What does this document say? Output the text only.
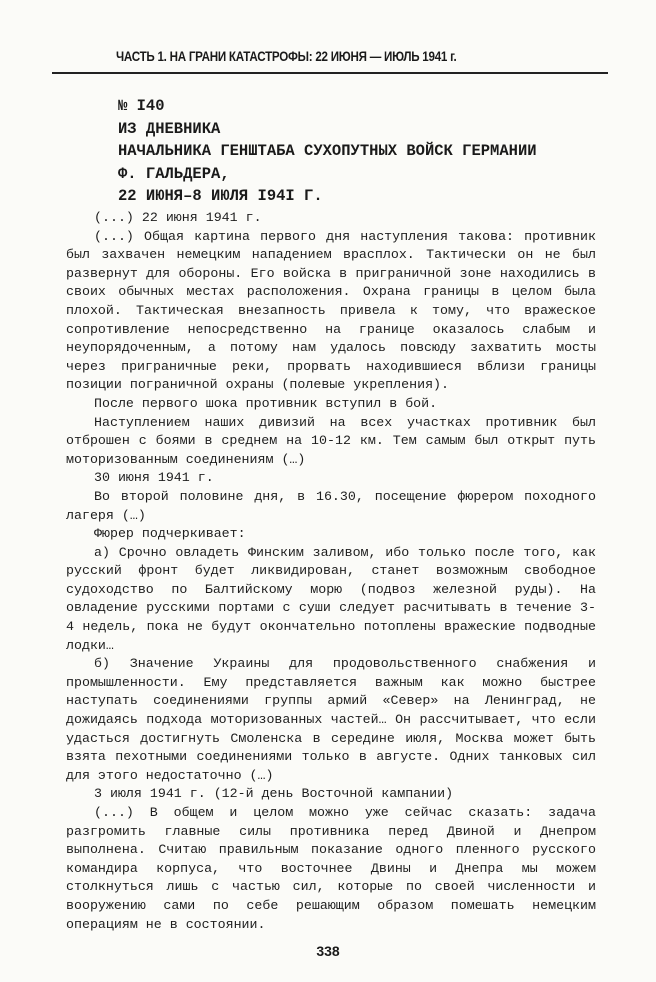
ЧАСТЬ 1. НА ГРАНИ КАТАСТРОФЫ: 22 ИЮНЯ — ИЮЛЬ 1941 г.
№ I40
ИЗ ДНЕВНИКА
НАЧАЛЬНИКА ГЕНШТАБА СУХОПУТНЫХ ВОЙСК ГЕРМАНИИ
Ф. ГАЛЬДЕРА,
22 ИЮНЯ–8 ИЮЛЯ I94I Г.

(...) 22 июня 1941 г.

(...) Общая картина первого дня наступления такова: противник был захвачен немецким нападением врасплох. Тактически он не был развернут для обороны. Его войска в приграничной зоне находились в своих обычных местах расположения. Охрана границы в целом была плохой. Тактическая внезапность привела к тому, что вражеское сопротивление непосредственно на границе оказалось слабым и неупорядоченным, а потому нам удалось повсюду захватить мосты через приграничные реки, прорвать находившиеся вблизи границы позиции пограничной охраны (полевые укрепления).

После первого шока противник вступил в бой.

Наступлением наших дивизий на всех участках противник был отброшен с боями в среднем на 10-12 км. Тем самым был открыт путь моторизованным соединениям (…)

30 июня 1941 г.

Во второй половине дня, в 16.30, посещение фюрером походного лагеря (…)

Фюрер подчеркивает:

а) Срочно овладеть Финским заливом, ибо только после того, как русский фронт будет ликвидирован, станет возможным свободное судоходство по Балтийскому морю (подвоз железной руды). На овладение русскими портами с суши следует расчитывать в течение 3-4 недель, пока не будут окончательно потоплены вражеские подводные лодки…

б) Значение Украины для продовольственного снабжения и промышленности. Ему представляется важным как можно быстрее наступать соединениями группы армий «Север» на Ленинград, не дожидаясь подхода моторизованных частей… Он рассчитывает, что если удасться достигнуть Смоленска в середине июля, Москва может быть взята пехотными соединениями только в августе. Одних танковых сил для этого недостаточно (…)

3 июля 1941 г. (12-й день Восточной кампании)

(...) В общем и целом можно уже сейчас сказать: задача разгромить главные силы противника перед Двиной и Днепром выполнена. Считаю правильным показание одного пленного русского командира корпуса, что восточнее Двины и Днепра мы можем столкнуться лишь с частью сил, которые по своей численности и вооружению сами по себе решающим образом помешать немецким операциям не в состоянии.

338
